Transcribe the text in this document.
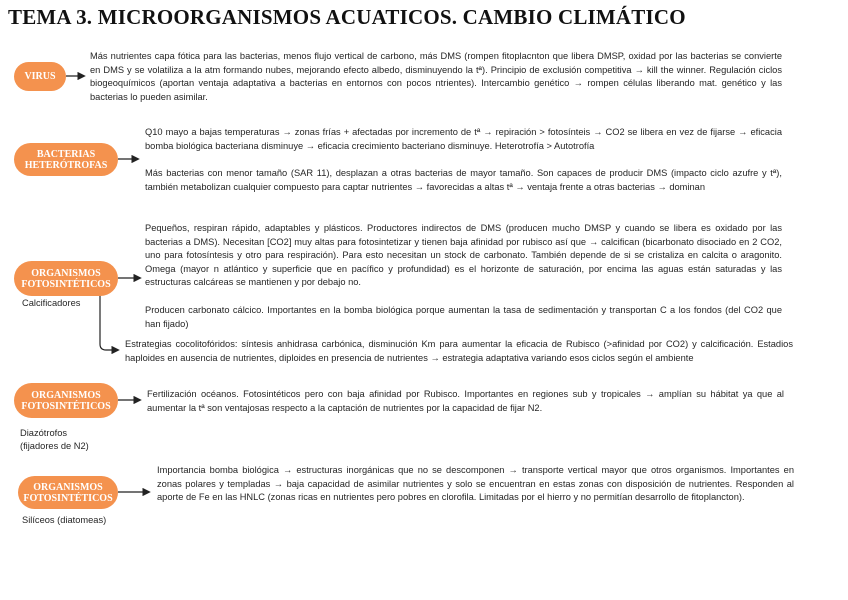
TEMA 3. MICROORGANISMOS ACUATICOS. CAMBIO CLIMÁTICO
VIRUS
Más nutrientes capa fótica para las bacterias, menos flujo vertical de carbono, más DMS (rompen fitoplacnton que libera DMSP, oxidad por las bacterias se convierte en DMS y se volatiliza a la atm formando nubes, mejorando efecto albedo, disminuyendo la tª). Principio de exclusión competitiva → kill the winner. Regulación ciclos biogeoquímicos (aportan ventaja adaptativa a bacterias en entornos con pocos ntrientes). Intercambio genético → rompen células liberando mat. genético y las bacterias lo pueden asimilar.
BACTERIAS
HETERÓTROFAS
Q10 mayo a bajas temperaturas → zonas frías + afectadas por incremento de tª → repiración > fotosínteis → CO2 se libera en vez de fijarse → eficacia bomba biológica bacteriana disminuye → eficacia crecimiento bacteriano disminuye. Heterotrofía > Autotrofía
Más bacterias con menor tamaño (SAR 11), desplazan a otras bacterias de mayor tamaño. Son capaces de producir DMS (impacto ciclo azufre y tª), también metabolizan cualquier compuesto para captar nutrientes → favorecidas a altas tª → ventaja frente a otras bacterias → dominan
ORGANISMOS
FOTOSINTÉTICOS
Calcificadores
Pequeños, respiran rápido, adaptables y plásticos. Productores indirectos de DMS (producen mucho DMSP y cuando se libera es oxidado por las bacterias a DMS). Necesitan [CO2] muy altas para fotosintetizar y tienen baja afinidad por rubisco así que → calcifican (bicarbonato disociado en 2 CO2, uno para fotosíntesis y otro para respiración). Para esto necesitan un stock de carbonato. También depende de si se cristaliza en calcita o aragonito. Omega (mayor n atlántico y superficie que en pacífico y profundidad) es el horizonte de saturación, por encima las aguas están saturadas y las estructuras calcáreas se mantienen y por debajo no.
Producen carbonato cálcico. Importantes en la bomba biológica porque aumentan la tasa de sedimentación y transportan C a los fondos (del CO2 que han fijado)
Estrategias cocolitofóridos: síntesis anhidrasa carbónica, disminución Km para aumentar la eficacia de Rubisco (>afinidad por CO2) y calcificación. Estadios haploides en ausencia de nutrientes, diploides en presencia de nutrientes → estrategia adaptativa variando esos ciclos según el ambiente
ORGANISMOS
FOTOSINTÉTICOS
Diazótrofos
(fijadores de N2)
Fertilización océanos. Fotosintéticos pero con baja afinidad por Rubisco. Importantes en regiones sub y tropicales → amplían su hábitat ya que al aumentar la tª son ventajosas respecto a la captación de nutrientes por la capacidad de fijar N2.
ORGANISMOS
FOTOSINTÉTICOS
Silíceos (diatomeas)
Importancia bomba biológica → estructuras inorgánicas que no se descomponen → transporte vertical mayor que otros organismos. Importantes en zonas polares y templadas → baja capacidad de asimilar nutrientes y solo se encuentran en estas zonas con disposición de nutrientes. Responden al aporte de Fe en las HNLC (zonas ricas en nutrientes pero pobres en clorofila. Limitadas por el hierro y no permitían desarrollo de fitoplancton).
